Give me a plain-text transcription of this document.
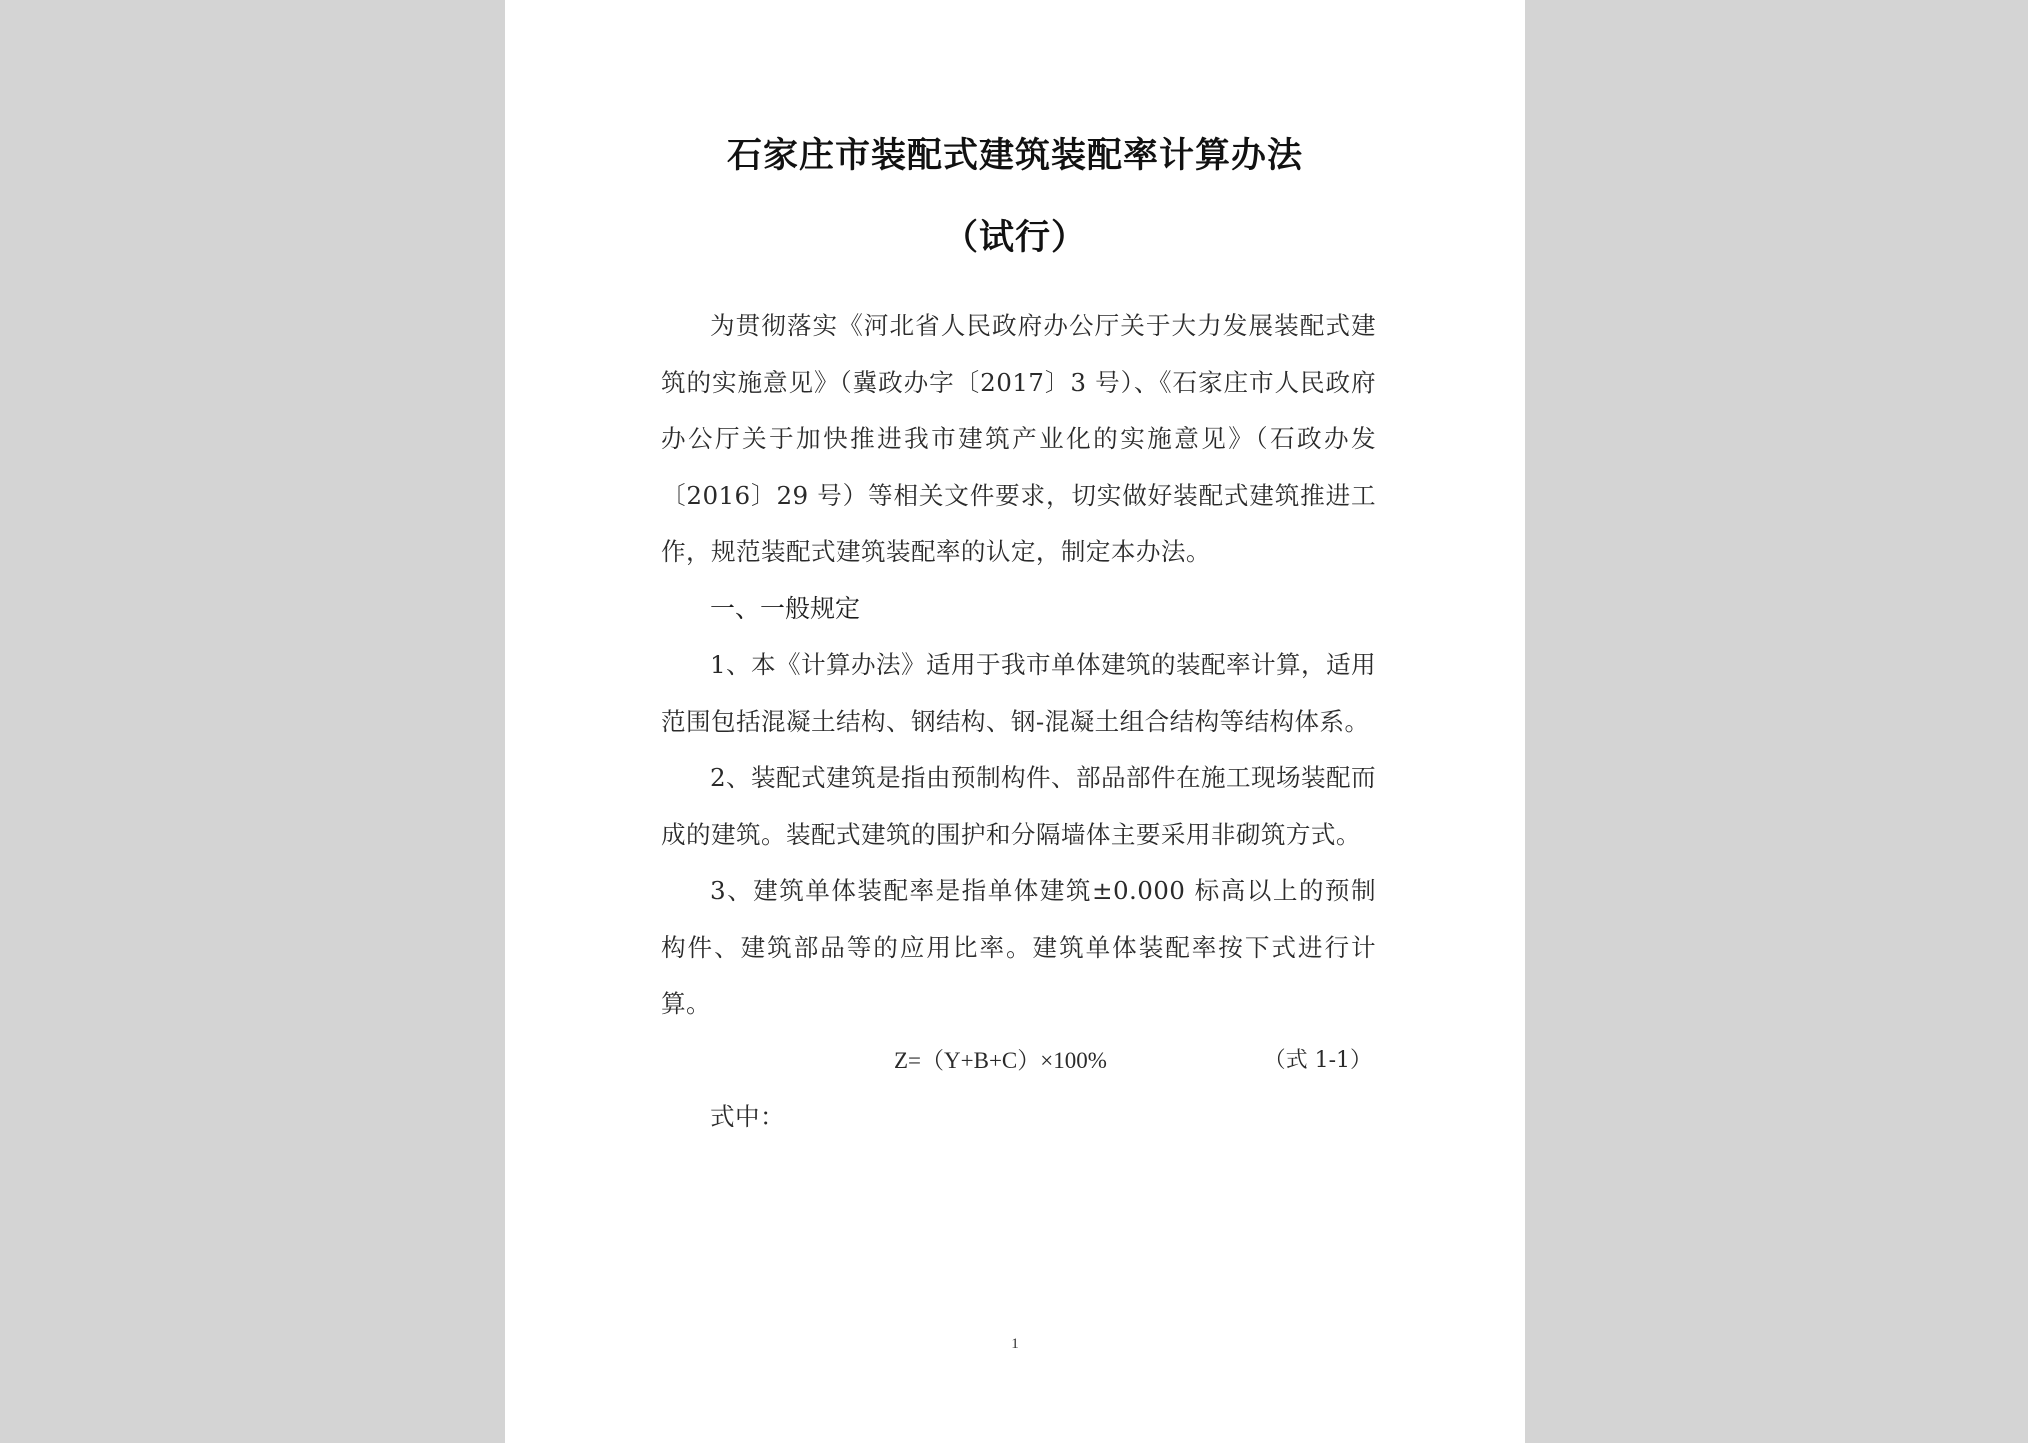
石家庄市装配式建筑装配率计算办法
（试行）

为贯彻落实《河北省人民政府办公厅关于大力发展装配式建筑的实施意见》（冀政办字〔2017〕3 号）、《石家庄市人民政府办公厅关于加快推进我市建筑产业化的实施意见》（石政办发〔2016〕29 号）等相关文件要求，切实做好装配式建筑推进工作，规范装配式建筑装配率的认定，制定本办法。

一、一般规定

1、本《计算办法》适用于我市单体建筑的装配率计算，适用范围包括混凝土结构、钢结构、钢-混凝土组合结构等结构体系。

2、装配式建筑是指由预制构件、部品部件在施工现场装配而成的建筑。装配式建筑的围护和分隔墙体主要采用非砌筑方式。

3、建筑单体装配率是指单体建筑±0.000 标高以上的预制构件、建筑部品等的应用比率。建筑单体装配率按下式进行计算。

Z=（Y+B+C）×100%	（式 1-1）

式中：

1
